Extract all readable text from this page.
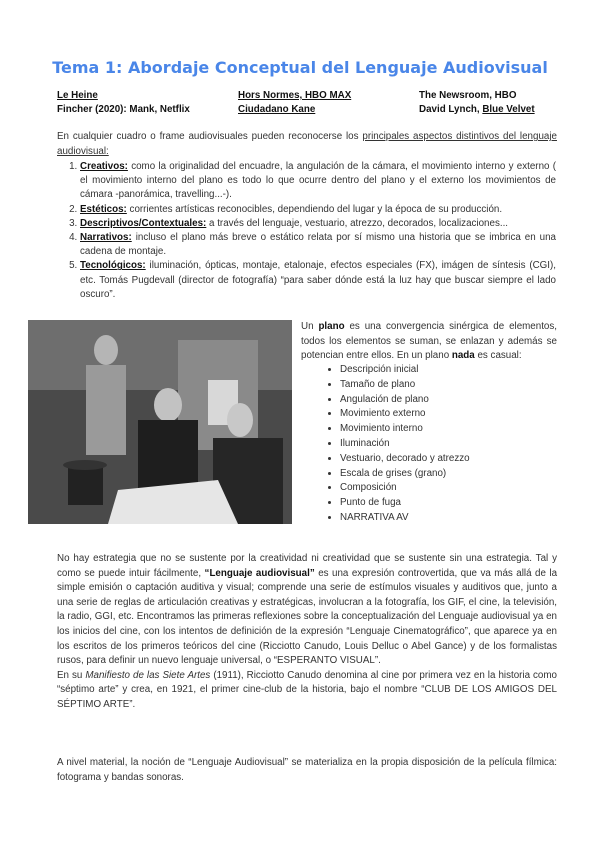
Tema 1: Abordaje Conceptual del Lenguaje Audiovisual
Le Heine
Fincher (2020): Mank, Netflix
Hors Normes, HBO MAX
Ciudadano Kane
The Newsroom, HBO
David Lynch, Blue Velvet
En cualquier cuadro o frame audiovisuales pueden reconocerse los principales aspectos distintivos del lenguaje audiovisual:
1. Creativos: como la originalidad del encuadre, la angulación de la cámara, el movimiento interno y externo ( el movimiento interno del plano es todo lo que ocurre dentro del plano y el externo los movimientos de cámara -panorámica, travelling...-).
2. Estéticos: corrientes artísticas reconocibles, dependiendo del lugar y la época de su producción.
3. Descriptivos/Contextuales: a través del lenguaje, vestuario, atrezzo, decorados, localizaciones...
4. Narrativos: incluso el plano más breve o estático relata por sí mismo una historia que se imbrica en una cadena de montaje.
5. Tecnológicos: iluminación, ópticas, montaje, etalonaje, efectos especiales (FX), imágen de síntesis (CGI), etc. Tomás Pugdevall (director de fotografía) “para saber dónde está la luz hay que buscar siempre el lado oscuro”.
Un plano es una convergencia sinérgica de elementos, todos los elementos se suman, se enlazan y además se potencian entre ellos. En un plano nada es casual:
• Descripción inicial
• Tamaño de plano
• Angulación de plano
• Movimiento externo
• Movimiento interno
• Iluminación
• Vestuario, decorado y atrezzo
• Escala de grises (grano)
• Composición
• Punto de fuga
• NARRATIVA AV

No hay estrategia que no se sustente por la creatividad ni creatividad que se sustente sin una estrategia. Tal y como se puede intuir fácilmente, “Lenguaje audiovisual” es una expresión controvertida, que va más allá de la simple emisión o captación auditiva y visual; comprende una serie de estímulos visuales y auditivos que, junto a una serie de reglas de articulación creativas y estratégicas, involucran a la fotografía, los GIF, el cine, la televisión, la radio, GGI, etc. Encontramos las primeras reflexiones sobre la conceptualización del Lenguaje audiovisual ya en los inicios del cine, con los intentos de definición de la expresión “Lenguaje Cinematográfico”, que aparece ya en los escritos de los primeros teóricos del cine (Ricciotto Canudo, Louis Delluc o Abel Gance) y de los formalistas rusos, para definir un nuevo lenguaje universal, o “ESPERANTO VISUAL”.

En su Manifiesto de las Siete Artes (1911), Ricciotto Canudo denomina al cine por primera vez en la historia como “séptimo arte” y crea, en 1921, el primer cine-club de la historia, bajo el nombre “CLUB DE LOS AMIGOS DEL SÉPTIMO ARTE”.

A nivel material, la noción de “Lenguaje Audiovisual” se materializa en la propia disposición de la película fílmica: fotograma y bandas sonoras.
